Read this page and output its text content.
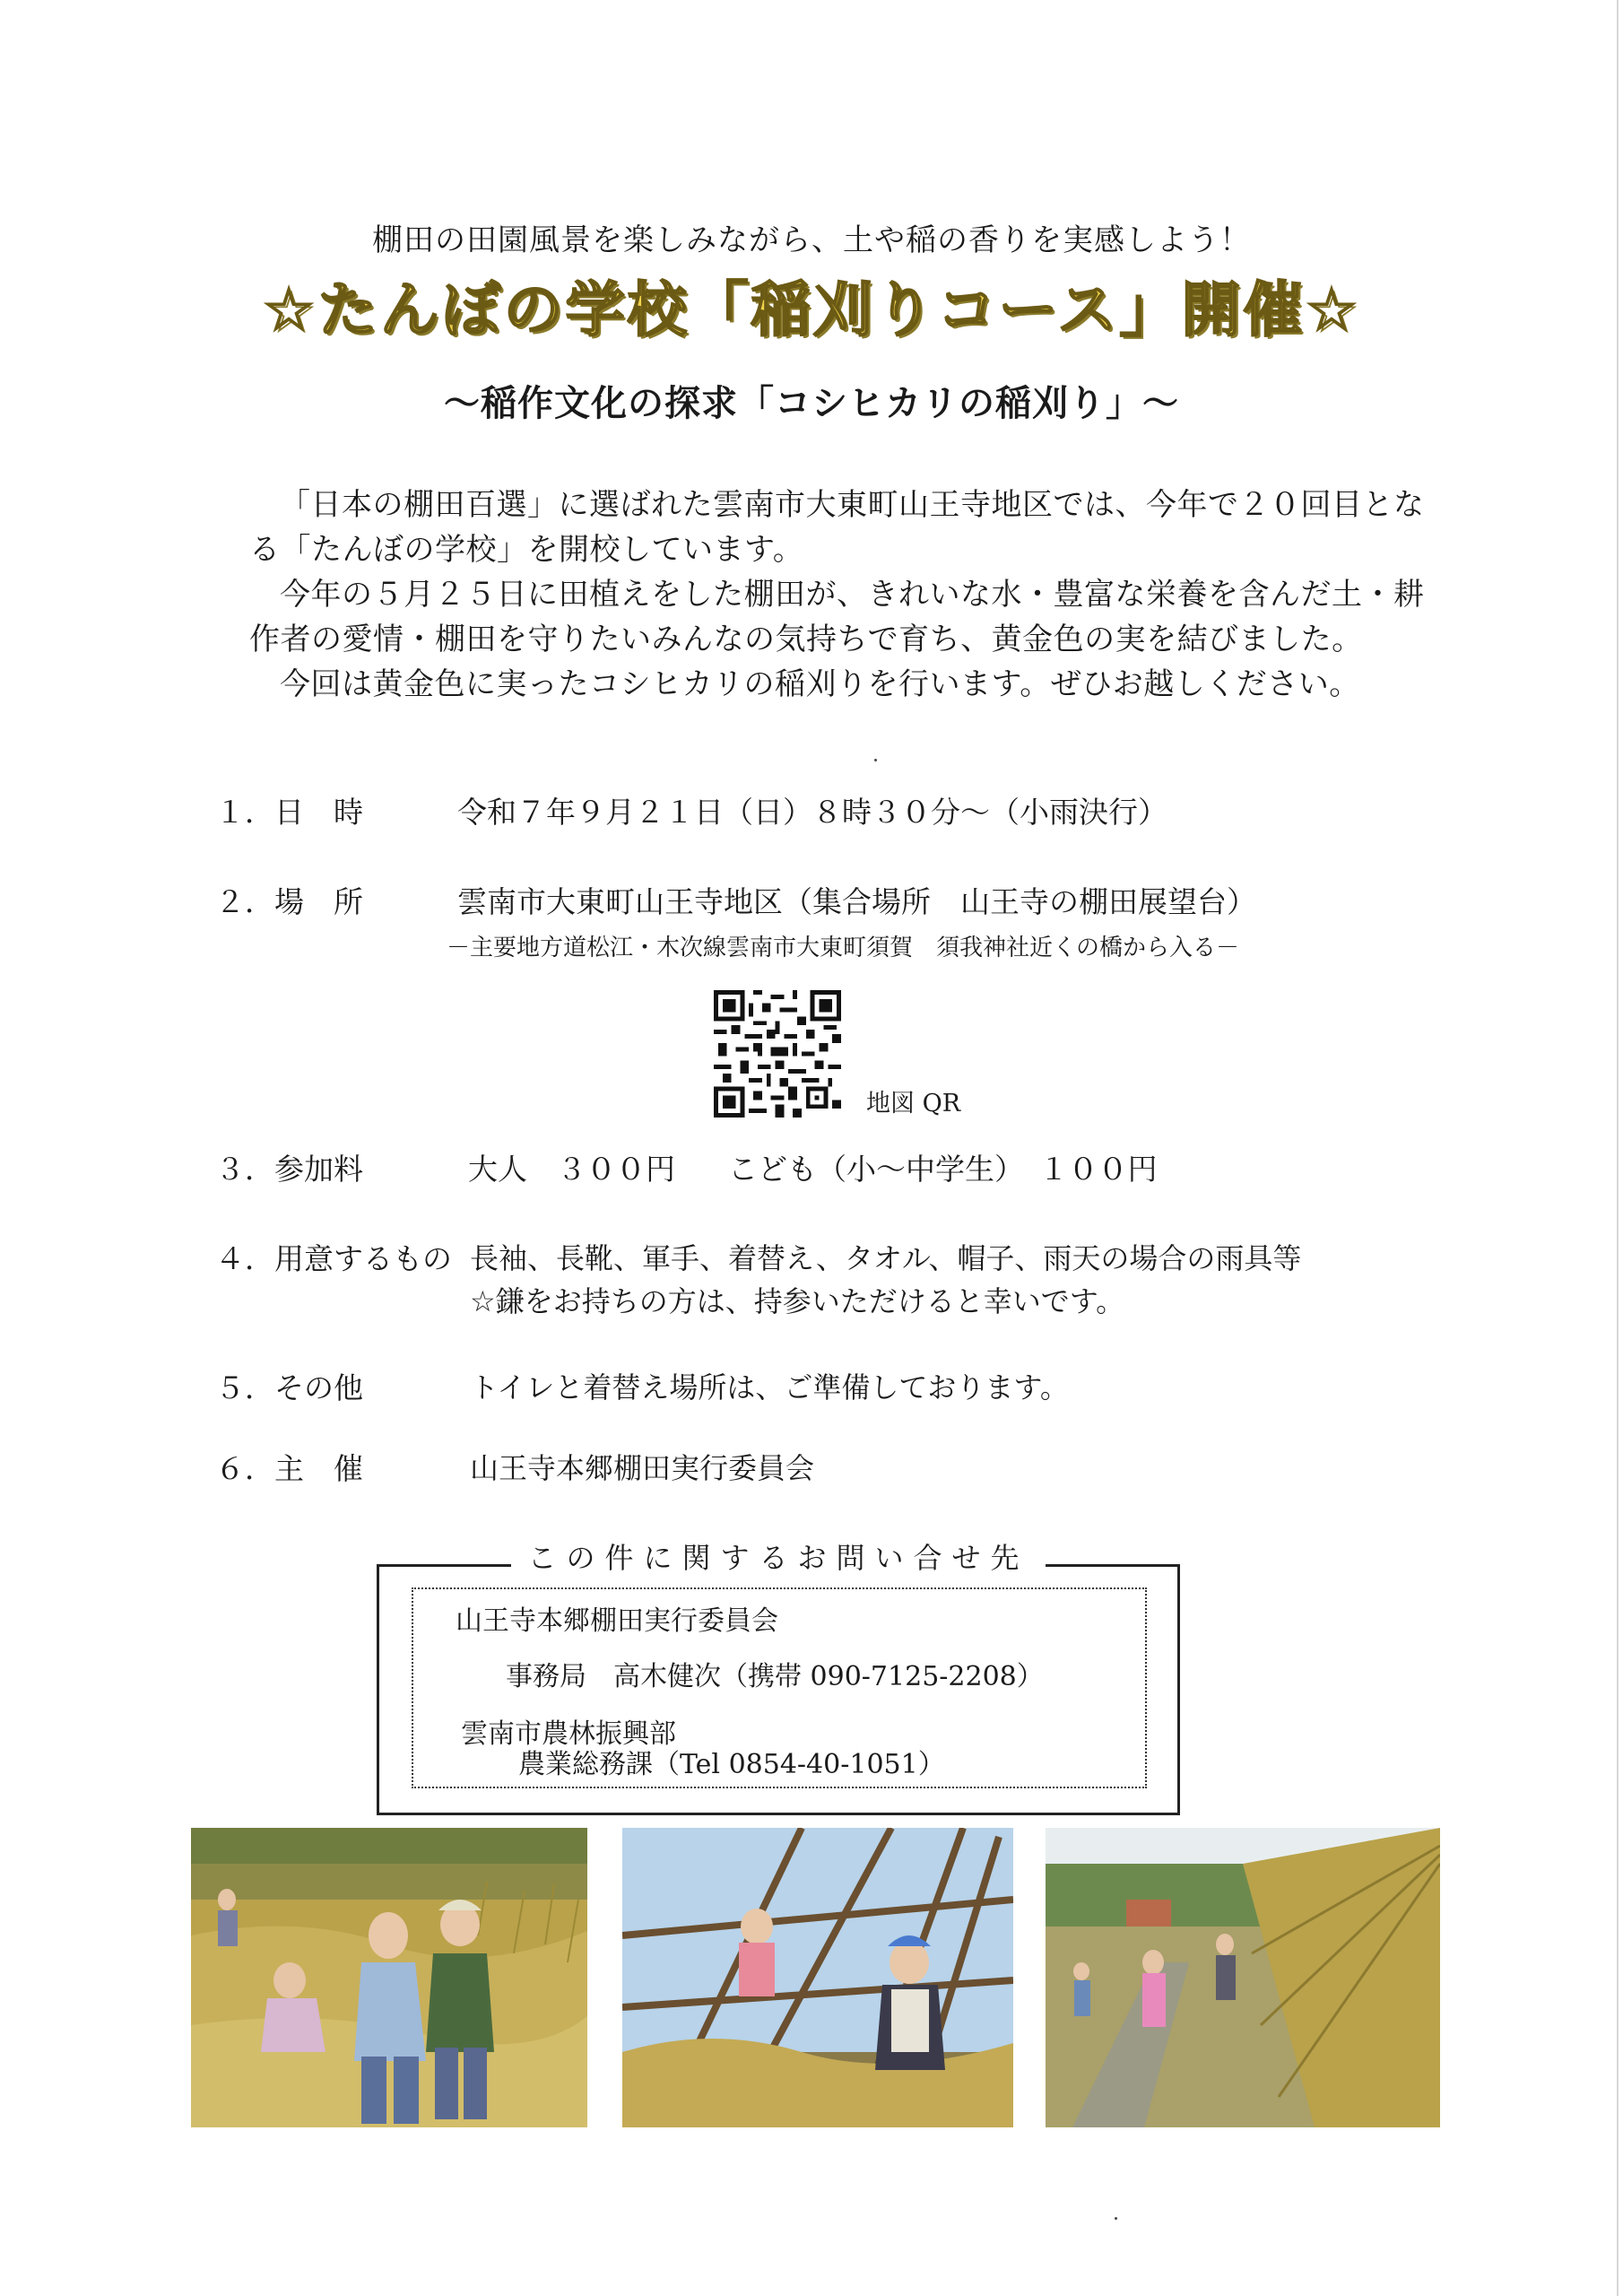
棚田の田園風景を楽しみながら、土や稲の香りを実感しよう！
☆たんぼの学校「稲刈りコース」開催☆
〜稲作文化の探求「コシヒカリの稲刈り」〜

「日本の棚田百選」に選ばれた雲南市大東町山王寺地区では、今年で２０回目となる「たんぼの学校」を開校しています。

今年の５月２５日に田植えをした棚田が、きれいな水・豊富な栄養を含んだ土・耕作者の愛情・棚田を守りたいみんなの気持ちで育ち、黄金色の実を結びました。

今回は黄金色に実ったコシヒカリの稲刈りを行います。ぜひお越しください。

１．日　時	令和７年９月２１日（日）８時３０分〜（小雨決行）
２．場　所	雲南市大東町山王寺地区（集合場所　山王寺の棚田展望台）
－主要地方道松江・木次線雲南市大東町須賀　須我神社近くの橋から入る－
地図 QR
３．参加料	大人　３００円 こども（小〜中学生）　１００円
４．用意するもの 長袖、長靴、軍手、着替え、タオル、帽子、雨天の場合の雨具等
☆鎌をお持ちの方は、持参いただけると幸いです。
５．その他	トイレと着替え場所は、ご準備しております。
６．主　催	山王寺本郷棚田実行委員会
この件に関するお問い合せ先
山王寺本郷棚田実行委員会
事務局　高木健次（携帯 090-7125-2208）
雲南市農林振興部
農業総務課（Tel 0854-40-1051）
